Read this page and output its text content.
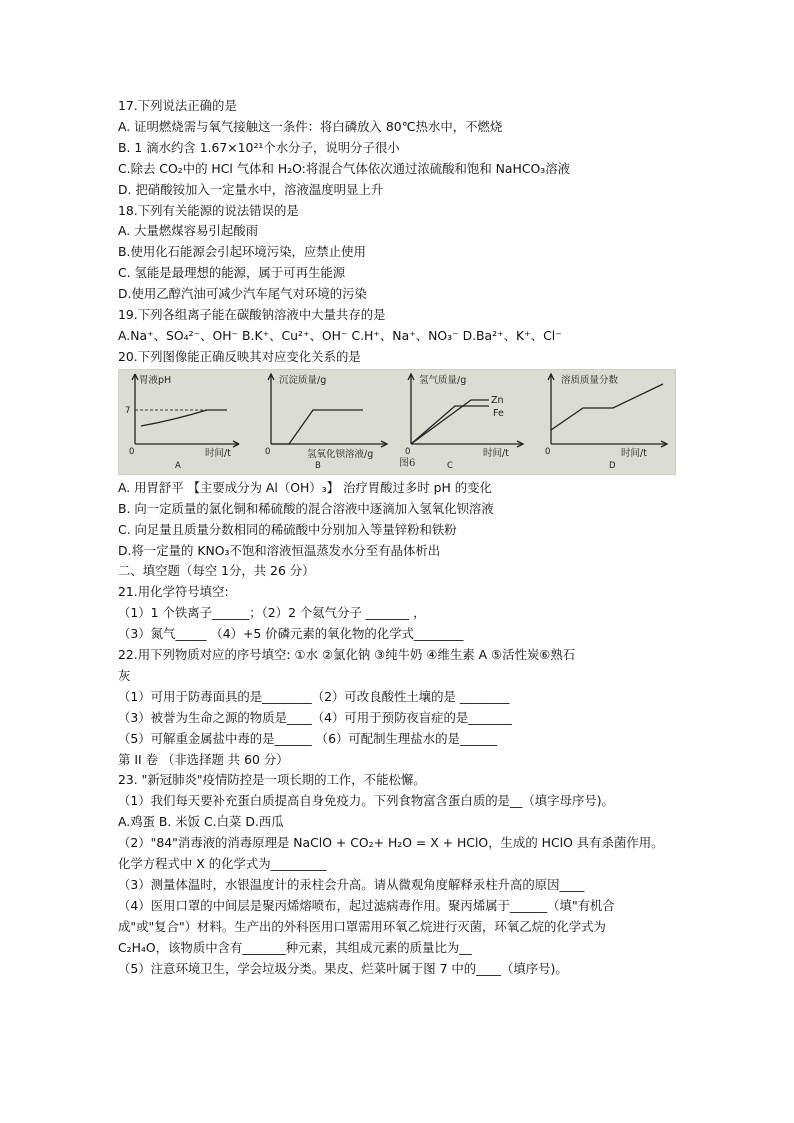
17.下列说法正确的是
A. 证明燃烧需与氧气接触这一条件：将白磷放入 80℃热水中，不燃烧
B. 1 滴水约含 1.67×10²¹个水分子，说明分子很小
C.除去 CO₂中的 HCl 气体和 H₂O:将混合气体依次通过浓硫酸和饱和 NaHCO₃溶液
D. 把硝酸铵加入一定量水中，溶液温度明显上升
18.下列有关能源的说法错误的是
A. 大量燃煤容易引起酸雨
B.使用化石能源会引起环境污染，应禁止使用
C. 氢能是最理想的能源，属于可再生能源
D.使用乙醇汽油可减少汽车尾气对环境的污染
19.下列各组离子能在碳酸钠溶液中大量共存的是
A.Na⁺、SO₄²⁻、OH⁻ B.K⁺、Cu²⁺、OH⁻ C.H⁺、Na⁺、NO₃⁻ D.Ba²⁺、K⁺、Cl⁻
20.下列图像能正确反映其对应变化关系的是
7
胃液pH
时间/t
0
A
沉淀质量/g
氢氧化钡溶液/g
0
B
氢气质量/g
Zn
Fe
时间/t
0
C
图6
溶质质量分数
时间/t
0
D
A. 用胃舒平 【主要成分为 Al（OH）₃】 治疗胃酸过多时 pH 的变化
B. 向一定质量的氯化铜和稀硫酸的混合溶液中逐滴加入氢氧化钡溶液
C. 向足量且质量分数相同的稀硫酸中分别加入等量锌粉和铁粉
D.将一定量的 KNO₃不饱和溶液恒温蒸发水分至有晶体析出
二、填空题（每空 1分，共 26 分）
21.用化学符号填空:
（1）1 个铁离子______；（2）2 个氦气分子 _______ ，
（3）氮气_____ （4）+5 价磷元素的氧化物的化学式________
22.用下列物质对应的序号填空: ①水 ②氯化钠 ③纯牛奶 ④维生素 A ⑤活性炭⑥熟石
灰
（1）可用于防毒面具的是________（2）可改良酸性土壤的是 ________
（3）被誉为生命之源的物质是____（4）可用于预防夜盲症的是_______
（5）可解重金属盐中毒的是______ （6）可配制生理盐水的是______
第 II 卷 （非选择题 共 60 分）
23. "新冠肺炎"疫情防控是一项长期的工作，不能松懈。
（1）我们每天要补充蛋白质提高自身免疫力。下列食物富含蛋白质的是__（填字母序号)。
A.鸡蛋 B. 米饭 C.白菜 D.西瓜
（2）"84"消毒液的消毒原理是 NaClO + CO₂+ H₂O = X + HClO，生成的 HClO 具有杀菌作用。
化学方程式中 X 的化学式为_________
（3）测量体温时，水银温度计的汞柱会升高。请从微观角度解释汞柱升高的原因____
（4）医用口罩的中间层是聚丙烯熔喷布，起过滤病毒作用。聚丙烯属于______（填"有机合
成"或"复合"）材料。生产出的外科医用口罩需用环氧乙烷进行灭菌，环氧乙烷的化学式为
C₂H₄O，该物质中含有_______种元素，其组成元素的质量比为__
（5）注意环境卫生，学会垃圾分类。果皮、烂菜叶属于图 7 中的____（填序号)。
